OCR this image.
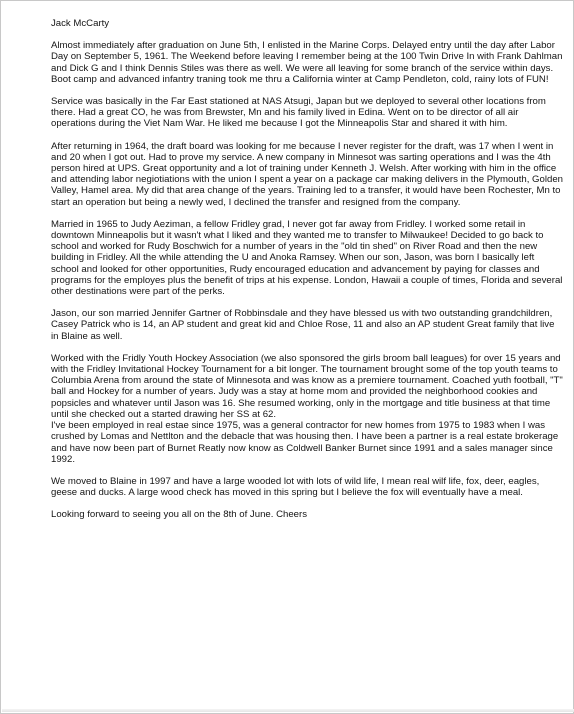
Jack McCarty

Almost immediately after graduation on June 5th, I enlisted in the Marine Corps. Delayed entry until the day after Labor Day on September 5, 1961. The Weekend before leaving I remember being at the 100 Twin Drive In with Frank Dahlman and Dick G and I think Dennis Stiles was there as well. We were all leaving for some branch of the service within days. Boot camp and advanced infantry traning took me thru a California winter at Camp Pendleton, cold, rainy lots of FUN!

Service was basically in the Far East stationed at NAS Atsugi, Japan but we deployed to several other locations from there. Had a great CO, he was from Brewster, Mn and his family lived in Edina. Went on to be director of all air operations during the Viet Nam War. He liked me because I got the Minneapolis Star and shared it with him.

After returning in 1964, the draft board was looking for me because I never register for the draft, was 17 when I went in and 20 when I got out. Had to prove my service. A new company in Minnesot was sarting operations and I was the 4th person hired at UPS. Great opportunity and a lot of training under Kenneth J. Welsh. After working with him in the office and attending labor negiotiations with the union I spent a year on a package car making delivers in the Plymouth, Golden Valley, Hamel area. My did that area change of the years. Training led to a transfer, it would have been Rochester, Mn to start an operation but being a newly wed, I declined the transfer and resigned from the company.

Married in 1965 to Judy Aeziman, a fellow Fridley grad, I never got far away from Fridley. I worked some retail in downtown Minneapolis but it wasn't what I liked and they wanted me to transfer to Milwaukee! Decided to go back to school and worked for Rudy Boschwich for a number of years in the "old tin shed" on River Road and then the new building in Fridley. All the while attending the U and Anoka Ramsey. When our son, Jason, was born I basically left school and looked for other opportunities, Rudy encouraged education and advancement by paying for classes and programs for the employes plus the benefit of trips at his expense. London, Hawaii a couple of times, Florida and several other destinations were part of the perks.

Jason, our son married Jennifer Gartner of Robbinsdale and they have blessed us with two outstanding grandchildren, Casey Patrick who is 14, an AP student and great kid and Chloe Rose, 11 and also an AP student Great family that live in Blaine as well.

Worked with the Fridly Youth Hockey Association (we also sponsored the girls broom ball leagues) for over 15 years and with the Fridley Invitational Hockey Tournament for a bit longer. The tournament brought some of the top youth teams to Columbia Arena from around the state of Minnesota and was know as a premiere tournament. Coached yuth football, "T" ball and Hockey for a number of years. Judy was a stay at home mom and provided the neighborhood cookies and popsicles and whatever until Jason was 16. She resumed working, only in the mortgage and title business at that time until she checked out a started drawing her SS at 62.

I've been employed in real estae since 1975, was a general contractor for new homes from 1975 to 1983 when I was crushed by Lomas and Nettlton and the debacle that was housing then. I have been a partner is a real estate brokerage and have now been part of Burnet Reatly now know as Coldwell Banker Burnet since 1991 and a sales manager since 1992.

We moved to Blaine in 1997 and have a large wooded lot with lots of wild life, I mean real wilf life, fox, deer, eagles, geese and ducks. A large wood check has moved in this spring but I believe the fox will eventually have a meal.

Looking forward to seeing you all on the 8th of June. Cheers
